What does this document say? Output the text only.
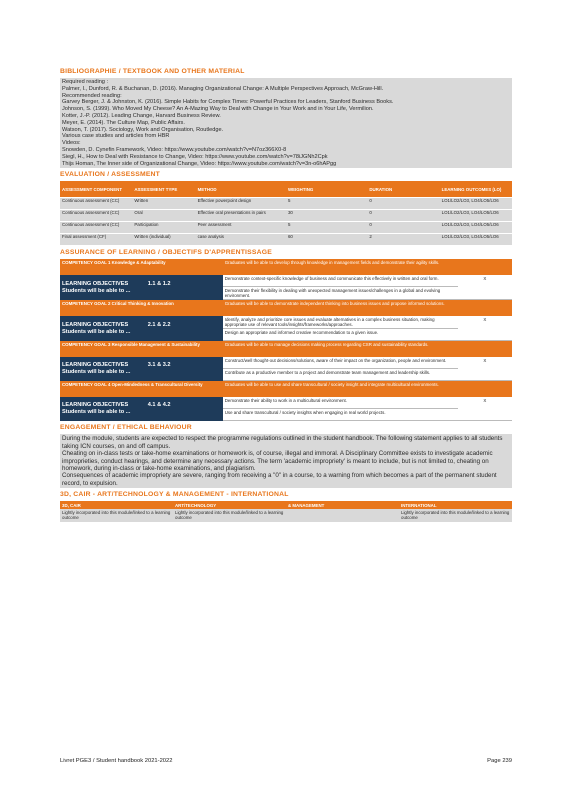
BIBLIOGRAPHIE / TEXTBOOK AND OTHER MATERIAL

Required reading :

Palmer, I., Dunford, R. & Buchanan, D. (2016). Managing Organizational Change: A Multiple Perspectives Approach, McGraw-Hill.

Recommended reading:

Garvey Berger, J. & Johnston, K. (2016). Simple Habits for Complex Times: Powerful Practices for Leaders, Stanford Business Books.

Johnson, S. (1999). Who Moved My Cheese? An A-Mazing Way to Deal with Change in Your Work and in Your Life, Vermilion.

Kotter, J.-P. (2012). Leading Change, Harvard Business Review.

Meyer, E. (2014). The Culture Map, Public Affairs.

Watson, T. (2017). Sociology, Work and Organisation, Routledge.

Various case studies and articles from HBR

Videos:

Snowden, D. Cynefin Framework, Video: https://www.youtube.com/watch?v=N7oz366X0-8

Siegl, H., How to Deal with Resistance to Change, Video: https://www.youtube.com/watch?v=78iJGNh2Cpk

Thijs Homan, The Inner side of Organizational Change, Video: https://www.youtube.com/watch?v=3n-o6hAPgg

EVALUATION / ASSESSMENT

ASSESSMENT COMPONENT	ASSESSMENT TYPE	METHOD	WEIGHTING	DURATION	LEARNING OUTCOMES (LO)
Continuous assessment (CC)	Written	Effective powerpoint design	5	0	LO1/LO2/LO3, LO4/LO5/LO6
Continuous assessment (CC)	Oral	Effective oral presentations in pairs	30	0	LO1/LO2/LO3, LO4/LO5/LO6
Continuous assessment (CC)	Participation	Peer assessment	5	0	LO1/LO2/LO3, LO4/LO5/LO6
Final assessment (CF)	Written (individual)	case analysis	60	2	LO1/LO2/LO3, LO4/LO5/LO6

ASSURANCE OF LEARNING / OBJECTIFS D'APPRENTISSAGE

COMPETENCY GOAL 1 Knowledge & Adaptability	Graduates will be able to develop through knowledge in management fields and demonstrate their agility skills.	
LEARNING OBJECTIVES 1.1 & 1.2
Students will be able to ...	Demonstrate context-specific knowledge of business and communicate this effectively in written and oral form.	X
	Demonstrate their flexibility in dealing with unexpected management issues/challenges in a global and evolving environment.	
COMPETENCY GOAL 2 Critical Thinking & Innovation	Graduates will be able to demonstrate independent thinking into business issues and propose informed solutions.	
LEARNING OBJECTIVES 2.1 & 2.2
Students will be able to ...	Identify, analyze and prioritize core issues and evaluate alternatives in a complex business situation, making appropriate use of relevant tools/insights/frameworks/approaches.	X
	Design an appropriate and informed creative recommendation to a given issue.	
COMPETENCY GOAL 3 Responsible Management & Sustainability	Graduates will be able to manage decisions making process regarding CSR and sustainability standards.	
LEARNING OBJECTIVES 3.1 & 3.2
Students will be able to ...	Construct/well thought-out decisions/solutions, aware of their impact on the organization, people and environment.	X
	Contribute as a productive member to a project and demonstrate team management and leadership skills.	
COMPETENCY GOAL 4 Open-Mindedness & Transcultural Diversity	Graduates will be able to use and share transcultural / society insight and integrate multicultural environments.	
LEARNING OBJECTIVES 4.1 & 4.2
Students will be able to ...	Demonstrate their ability to work in a multicultural environment.	X
	Use and share transcultural / society insights when engaging in real world projects.	

ENGAGEMENT / ETHICAL BEHAVIOUR

During the module, students are expected to respect the programme regulations outlined in the student handbook. The following statement applies to all students taking ICN courses, on and off campus.

Cheating on in-class tests or take-home examinations or homework is, of course, illegal and immoral. A Disciplinary Committee exists to investigate academic improprieties, conduct hearings, and determine any necessary actions. The term 'academic impropriety' is meant to include, but is not limited to, cheating on homework, during in-class or take-home examinations, and plagiarism.

Consequences of academic impropriety are severe, ranging from receiving a "0" in a course, to a warning from which becomes a part of the permanent student record, to expulsion.

3D, CAIR - ART/TECHNOLOGY & MANAGEMENT - INTERNATIONAL

3D, CAIR	ART/TECHNOLOGY	& MANAGEMENT	INTERNATIONAL
Lightly incorporated into this module/linked to a learning outcome	Lightly incorporated into this module/linked to a learning outcome		Lightly incorporated into this module/linked to a learning outcome
Livret PGE3 / Student handbook 2021-2022	Page 239
